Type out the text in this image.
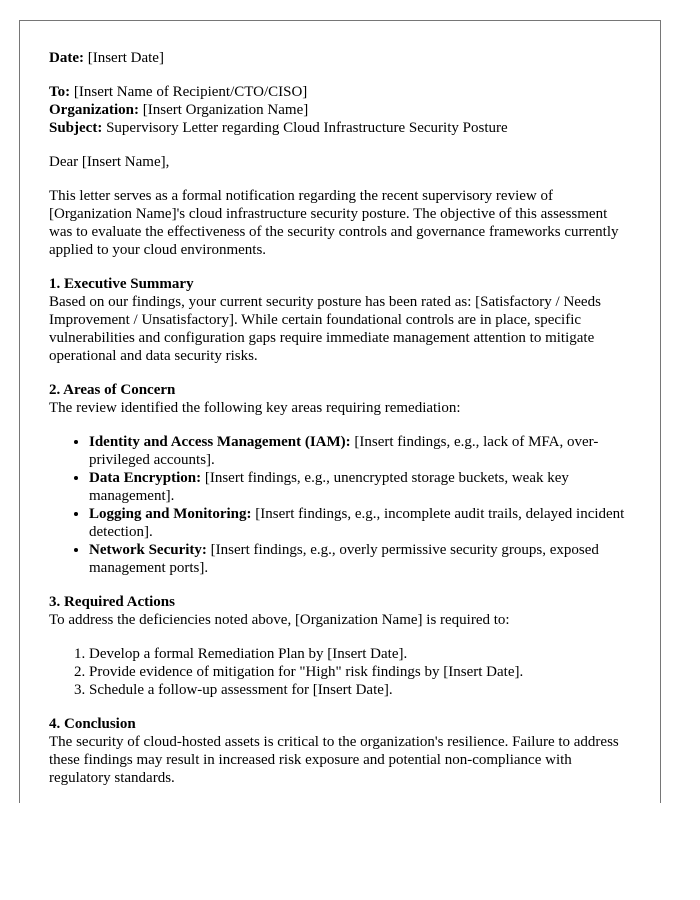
Date: [Insert Date]

To: [Insert Name of Recipient/CTO/CISO]

Organization: [Insert Organization Name]

Subject: Supervisory Letter regarding Cloud Infrastructure Security Posture

Dear [Insert Name],

This letter serves as a formal notification regarding the recent supervisory review of [Organization Name]'s cloud infrastructure security posture. The objective of this assessment was to evaluate the effectiveness of the security controls and governance frameworks currently applied to your cloud environments.

1. Executive Summary

Based on our findings, your current security posture has been rated as: [Satisfactory / Needs Improvement / Unsatisfactory]. While certain foundational controls are in place, specific vulnerabilities and configuration gaps require immediate management attention to mitigate operational and data security risks.

2. Areas of Concern

The review identified the following key areas requiring remediation:

• Identity and Access Management (IAM): [Insert findings, e.g., lack of MFA, over-privileged accounts].
• Data Encryption: [Insert findings, e.g., unencrypted storage buckets, weak key management].
• Logging and Monitoring: [Insert findings, e.g., incomplete audit trails, delayed incident detection].
• Network Security: [Insert findings, e.g., overly permissive security groups, exposed management ports].
3. Required Actions

To address the deficiencies noted above, [Organization Name] is required to:

1. Develop a formal Remediation Plan by [Insert Date].
2. Provide evidence of mitigation for "High" risk findings by [Insert Date].
3. Schedule a follow-up assessment for [Insert Date].
4. Conclusion

The security of cloud-hosted assets is critical to the organization's resilience. Failure to address these findings may result in increased risk exposure and potential non-compliance with regulatory standards.
